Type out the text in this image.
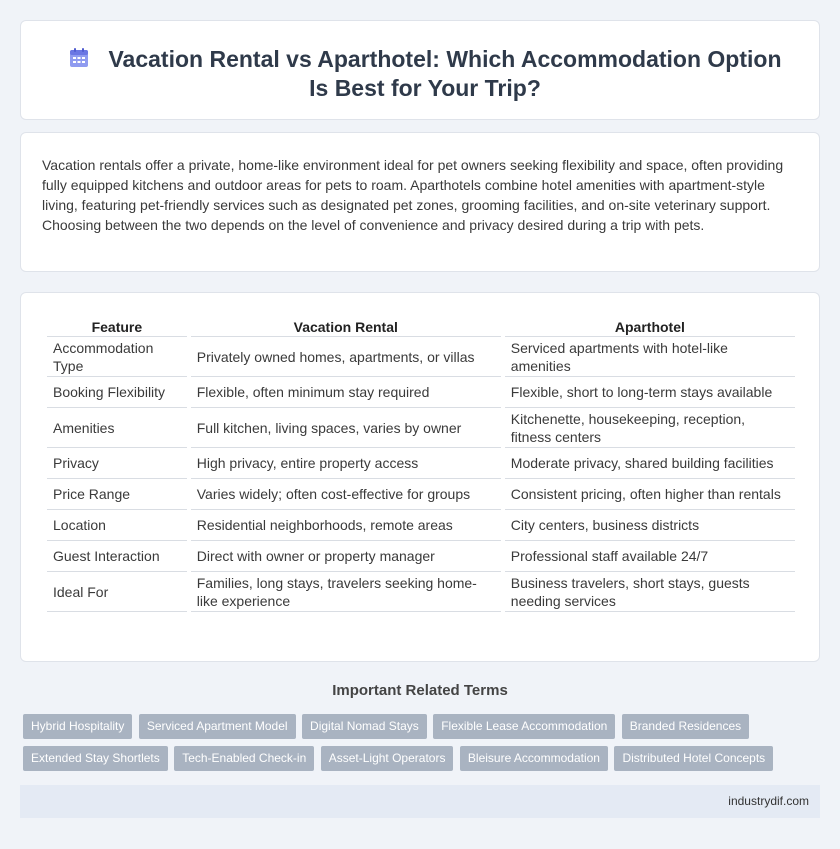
Vacation Rental vs Aparthotel: Which Accommodation Option Is Best for Your Trip?

Vacation rentals offer a private, home-like environment ideal for pet owners seeking flexibility and space, often providing fully equipped kitchens and outdoor areas for pets to roam. Aparthotels combine hotel amenities with apartment-style living, featuring pet-friendly services such as designated pet zones, grooming facilities, and on-site veterinary support. Choosing between the two depends on the level of convenience and privacy desired during a trip with pets.

Feature	Vacation Rental	Aparthotel
Accommodation Type	Privately owned homes, apartments, or villas	Serviced apartments with hotel-like amenities
Booking Flexibility	Flexible, often minimum stay required	Flexible, short to long-term stays available
Amenities	Full kitchen, living spaces, varies by owner	Kitchenette, housekeeping, reception, fitness centers
Privacy	High privacy, entire property access	Moderate privacy, shared building facilities
Price Range	Varies widely; often cost-effective for groups	Consistent pricing, often higher than rentals
Location	Residential neighborhoods, remote areas	City centers, business districts
Guest Interaction	Direct with owner or property manager	Professional staff available 24/7
Ideal For	Families, long stays, travelers seeking home-like experience	Business travelers, short stays, guests needing services
Important Related Terms
Hybrid Hospitality Serviced Apartment Model Digital Nomad Stays Flexible Lease Accommodation Branded Residences Extended Stay Shortlets Tech-Enabled Check-in Asset-Light Operators Bleisure Accommodation Distributed Hotel Concepts
industrydif.com
